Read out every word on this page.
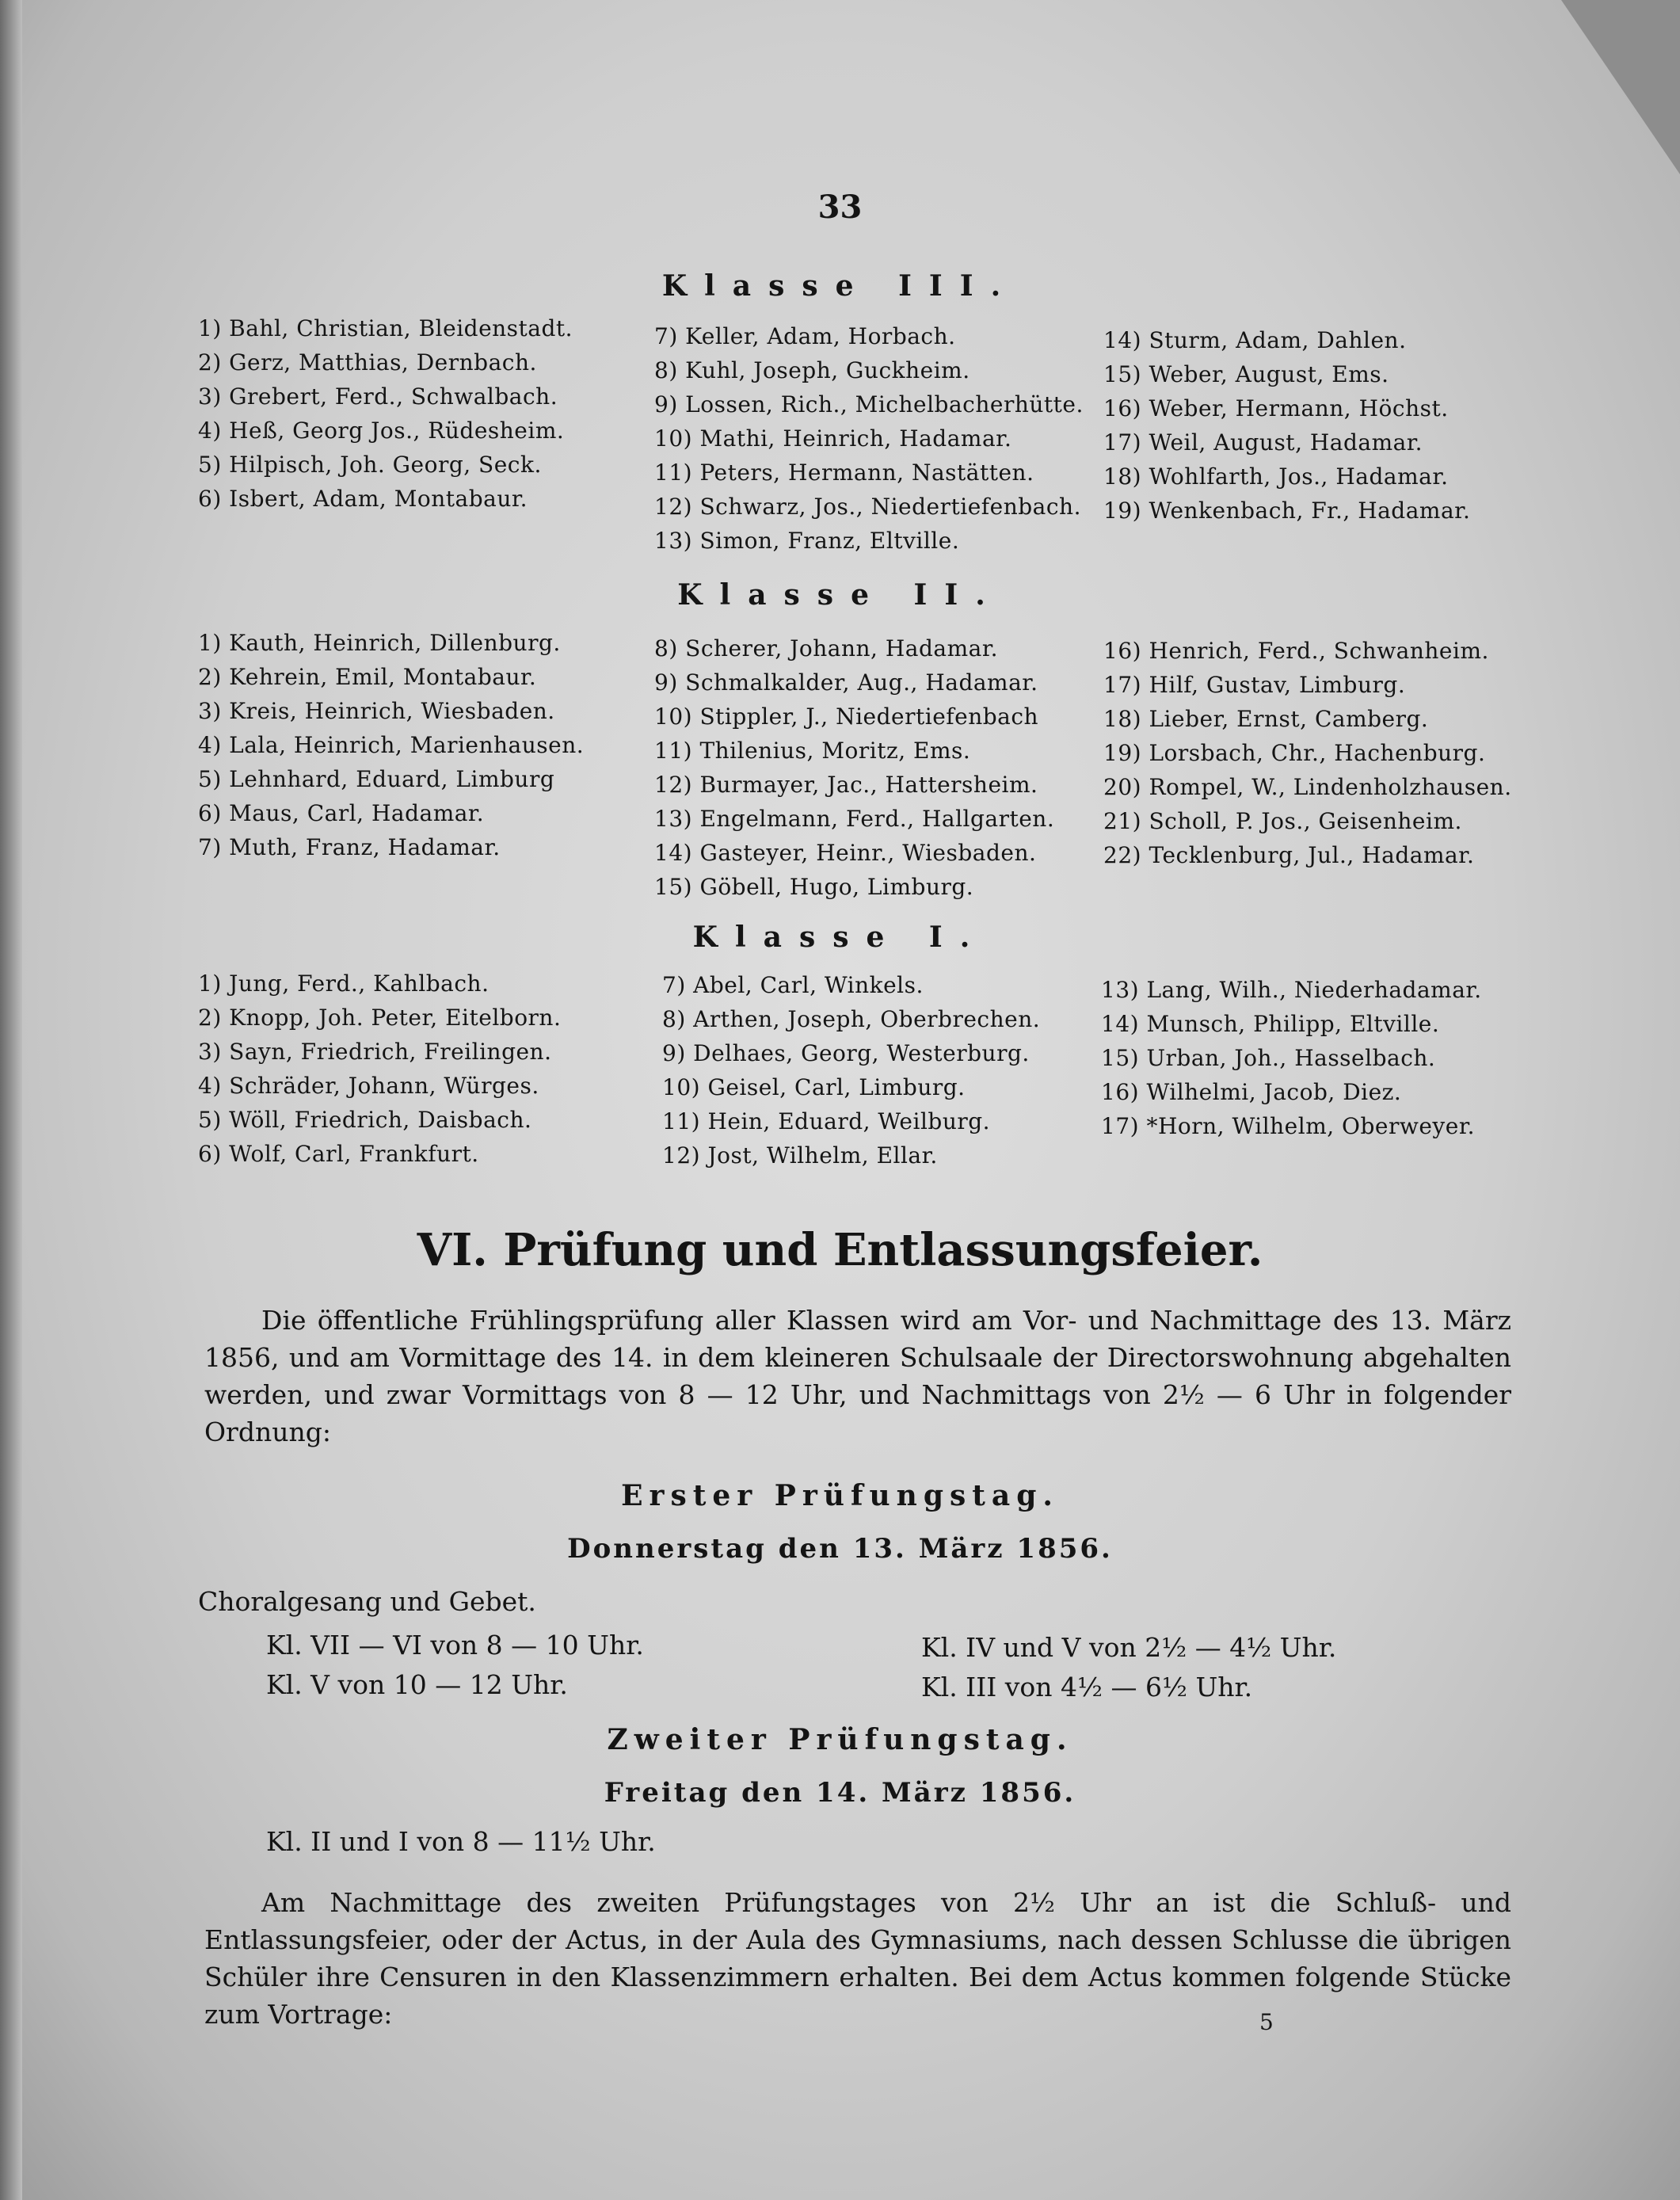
33
Klasse III.
1) Bahl, Christian, Bleidenstadt.
2) Gerz, Matthias, Dernbach.
3) Grebert, Ferd., Schwalbach.
4) Heß, Georg Jos., Rüdesheim.
5) Hilpisch, Joh. Georg, Seck.
6) Isbert, Adam, Montabaur.
7) Keller, Adam, Horbach.
8) Kuhl, Joseph, Guckheim.
9) Lossen, Rich., Michelbacherhütte.
10) Mathi, Heinrich, Hadamar.
11) Peters, Hermann, Nastätten.
12) Schwarz, Jos., Niedertiefenbach.
13) Simon, Franz, Eltville.
14) Sturm, Adam, Dahlen.
15) Weber, August, Ems.
16) Weber, Hermann, Höchst.
17) Weil, August, Hadamar.
18) Wohlfarth, Jos., Hadamar.
19) Wenkenbach, Fr., Hadamar.
Klasse II.
1) Kauth, Heinrich, Dillenburg.
2) Kehrein, Emil, Montabaur.
3) Kreis, Heinrich, Wiesbaden.
4) Lala, Heinrich, Marienhausen.
5) Lehnhard, Eduard, Limburg
6) Maus, Carl, Hadamar.
7) Muth, Franz, Hadamar.
8) Scherer, Johann, Hadamar.
9) Schmalkalder, Aug., Hadamar.
10) Stippler, J., Niedertiefenbach
11) Thilenius, Moritz, Ems.
12) Burmayer, Jac., Hattersheim.
13) Engelmann, Ferd., Hallgarten.
14) Gasteyer, Heinr., Wiesbaden.
15) Göbell, Hugo, Limburg.
16) Henrich, Ferd., Schwanheim.
17) Hilf, Gustav, Limburg.
18) Lieber, Ernst, Camberg.
19) Lorsbach, Chr., Hachenburg.
20) Rompel, W., Lindenholzhausen.
21) Scholl, P. Jos., Geisenheim.
22) Tecklenburg, Jul., Hadamar.
Klasse I.
1) Jung, Ferd., Kahlbach.
2) Knopp, Joh. Peter, Eitelborn.
3) Sayn, Friedrich, Freilingen.
4) Schräder, Johann, Würges.
5) Wöll, Friedrich, Daisbach.
6) Wolf, Carl, Frankfurt.
7) Abel, Carl, Winkels.
8) Arthen, Joseph, Oberbrechen.
9) Delhaes, Georg, Westerburg.
10) Geisel, Carl, Limburg.
11) Hein, Eduard, Weilburg.
12) Jost, Wilhelm, Ellar.
13) Lang, Wilh., Niederhadamar.
14) Munsch, Philipp, Eltville.
15) Urban, Joh., Hasselbach.
16) Wilhelmi, Jacob, Diez.
17) *Horn, Wilhelm, Oberweyer.
VI. Prüfung und Entlassungsfeier.
Die öffentliche Frühlingsprüfung aller Klassen wird am Vor- und Nachmittage des 13. März 1856, und am Vormittage des 14. in dem kleineren Schulsaale der Directorswohnung abgehalten werden, und zwar Vormittags von 8 — 12 Uhr, und Nachmittags von 2½ — 6 Uhr in folgender Ordnung:
Erster Prüfungstag.
Donnerstag den 13. März 1856.
Choralgesang und Gebet.
Kl. VII — VI von 8 — 10 Uhr.
Kl. V von 10 — 12 Uhr.
Kl. IV und V von 2½ — 4½ Uhr.
Kl. III von 4½ — 6½ Uhr.
Zweiter Prüfungstag.
Freitag den 14. März 1856.
Kl. II und I von 8 — 11½ Uhr.
Am Nachmittage des zweiten Prüfungstages von 2½ Uhr an ist die Schluß- und Entlassungsfeier, oder der Actus, in der Aula des Gymnasiums, nach dessen Schlusse die übrigen Schüler ihre Censuren in den Klassenzimmern erhalten. Bei dem Actus kommen folgende Stücke zum Vortrage:	5
